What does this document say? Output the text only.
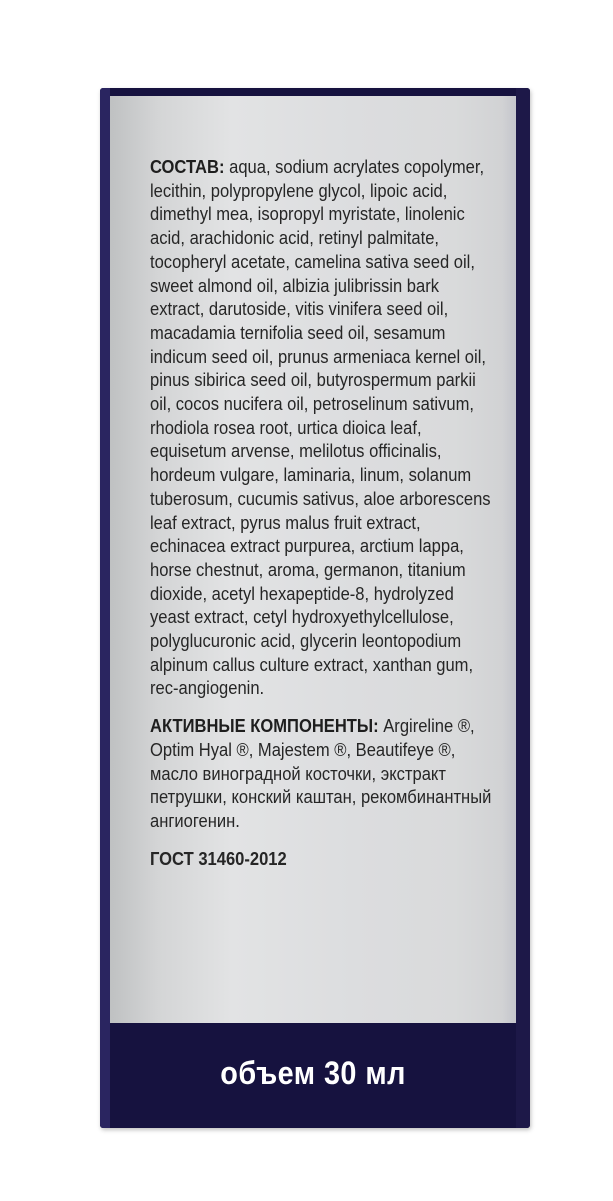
СОСТАВ: aqua, sodium acrylates copolymer, lecithin, polypropylene glycol, lipoic acid, dimethyl mea, isopropyl myristate, linolenic acid, arachidonic acid, retinyl palmitate, tocopheryl acetate, camelina sativa seed oil, sweet almond oil, albizia julibrissin bark extract, darutoside, vitis vinifera seed oil, macadamia ternifolia seed oil, sesamum indicum seed oil, prunus armeniaca kernel oil, pinus sibirica seed oil, butyrospermum parkii oil, cocos nucifera oil, petroselinum sativum, rhodiola rosea root, urtica dioica leaf, equisetum arvense, melilotus officinalis, hordeum vulgare, laminaria, linum, solanum tuberosum, cucumis sativus, aloe arborescens leaf extract, pyrus malus fruit extract, echinacea extract purpurea, arctium lappa, horse chestnut, aroma, germanon, titanium dioxide, acetyl hexapeptide-8, hydrolyzed yeast extract, cetyl hydroxyethylcellulose, polyglucuronic acid, glycerin leontopodium alpinum callus culture extract, xanthan gum, rec-angiogenin.

АКТИВНЫЕ КОМПОНЕНТЫ: Argireline ®, Optim Hyal ®, Majestem ®, Beautifeye ®, масло виноградной косточки, экстракт петрушки, конский каштан, рекомбинантный ангиогенин.

ГОСТ 31460-2012

объем 30 мл
